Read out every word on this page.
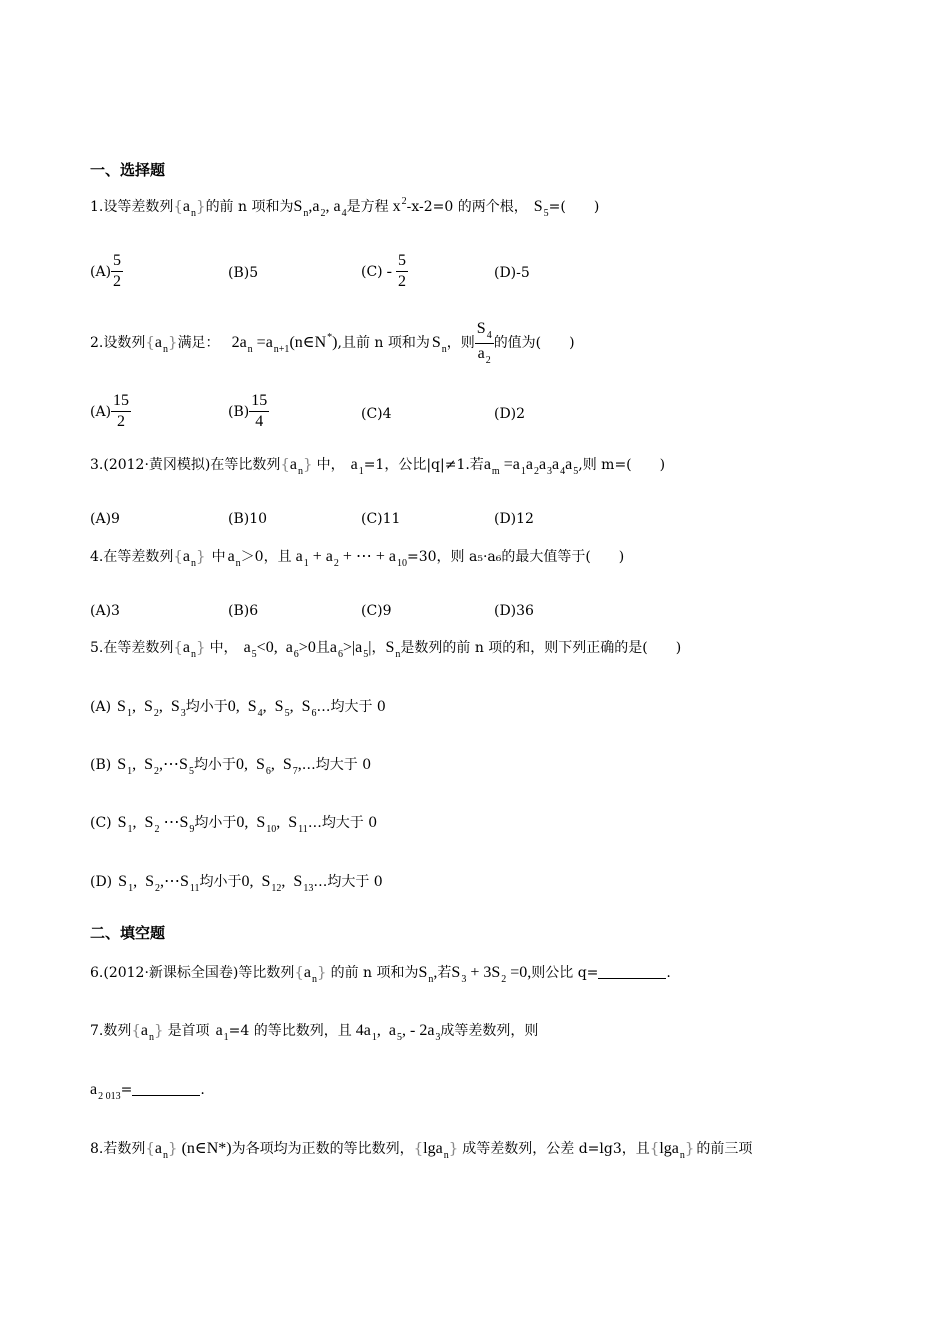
一、选择题
1.设等差数列$\{a_n\}$的前 n 项和为$S_n,a_2$, $a_4$是方程 $x^2-x-2=0$ 的两个根， $S_5=$(　　)
$(A) \frac{5}{2}$	(B)5	$(C) - \frac{5}{2}$	(D)-5
2.设数列$\{a_n\}$满足： $2a_n$ $=a_{n+1}(n\in N^*)$,且前 n 项和为 $S_n$，则 $\frac{S_4}{a_2}$ 的值为(　　)
$(A) \frac{15}{2}$	$(B) \frac{15}{4}$	(C)4	(D)2
3.(2012·黄冈模拟)在等比数列$\{a_n\}$ 中， $a_1=1$，公比|q|≠1.若$a_m =a_1a_2a_3a_4a_5$,则 m=(　　)
(A)9	(B)10	(C)11	(D)12
4.在等差数列$\{a_n\}$ 中 $a_n>0$，且 $a_1 + a_2$ + ⋯ + $a_{10}=30$，则 a₅·a₆的最大值等于(　　)
(A)3	(B)6	(C)9	(D)36
5.在等差数列$\{a_n\}$ 中， $a_5<0$,  $a_6>0$且$a_6>|a_5|$，$S_n$是数列的前 n 项的和，则下列正确的是(　　)
(A) $S_1$,  $S_2$,  $S_3$均小于0,  $S_4$,  $S_5$,  $S_6\dots$均大于 0
(B) $S_1$,  $S_2,\cdots S_5$均小于0,  $S_6$,  $S_7,\dots$均大于 0
(C) $S_1$,  $S_2$ $\cdots S_9$均小于0,  $S_{10}$,  $S_{11}\dots$均大于 0
(D) $S_1$,  $S_2,\cdots S_{11}$均小于0,  $S_{12}$,  $S_{13}\dots$均大于 0
二、填空题
6.(2012·新课标全国卷)等比数列$\{a_n\}$ 的前 n 项和为$S_n$,若$S_3 + 3S_2 =0$,则公比 q=	.
7.数列$\{a_n\}$ 是首项 $a_1=4$ 的等比数列，且 $4a_1$,  $a_5$, - $2a_3$成等差数列，则
$a_{2 013}=$	.
8.若数列$\{a_n\}$ (n∈N*)为各项均为正数的等比数列，{lga$_n$} 成等差数列，公差 d=lg3，且{lga$_n$} 的前三项
